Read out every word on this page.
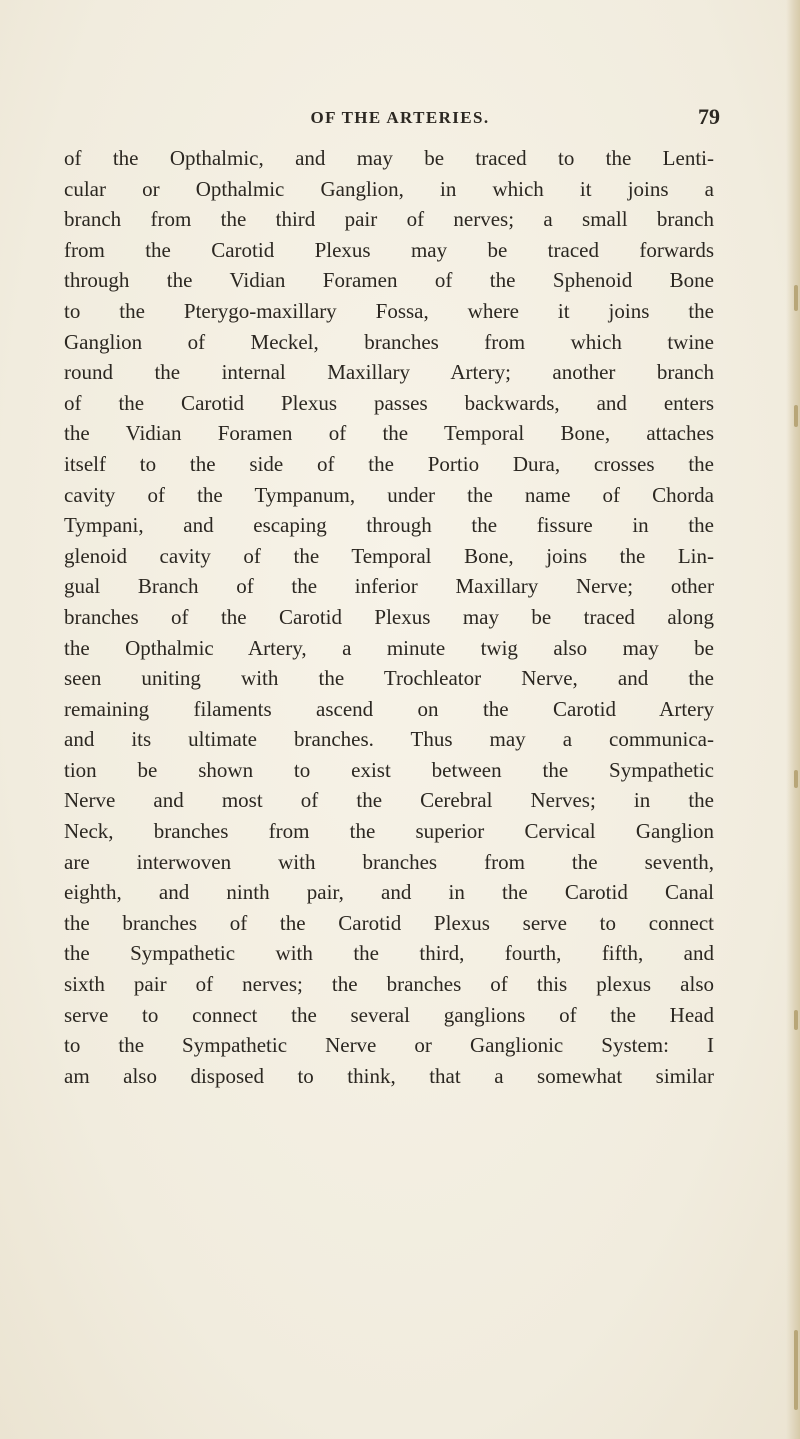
OF THE ARTERIES.	79
of the Opthalmic, and may be traced to the Lenti-
cular or Opthalmic Ganglion, in which it joins a
branch from the third pair of nerves; a small branch
from the Carotid Plexus may be traced forwards
through the Vidian Foramen of the Sphenoid Bone
to the Pterygo-maxillary Fossa, where it joins the
Ganglion of Meckel, branches from which twine
round the internal Maxillary Artery; another branch
of the Carotid Plexus passes backwards, and enters
the Vidian Foramen of the Temporal Bone, attaches
itself to the side of the Portio Dura, crosses the
cavity of the Tympanum, under the name of Chorda
Tympani, and escaping through the fissure in the
glenoid cavity of the Temporal Bone, joins the Lin-
gual Branch of the inferior Maxillary Nerve; other
branches of the Carotid Plexus may be traced along
the Opthalmic Artery, a minute twig also may be
seen uniting with the Trochleator Nerve, and the
remaining filaments ascend on the Carotid Artery
and its ultimate branches. Thus may a communica-
tion be shown to exist between the Sympathetic
Nerve and most of the Cerebral Nerves; in the
Neck, branches from the superior Cervical Ganglion
are interwoven with branches from the seventh,
eighth, and ninth pair, and in the Carotid Canal
the branches of the Carotid Plexus serve to connect
the Sympathetic with the third, fourth, fifth, and
sixth pair of nerves; the branches of this plexus also
serve to connect the several ganglions of the Head
to the Sympathetic Nerve or Ganglionic System: I
am also disposed to think, that a somewhat similar
